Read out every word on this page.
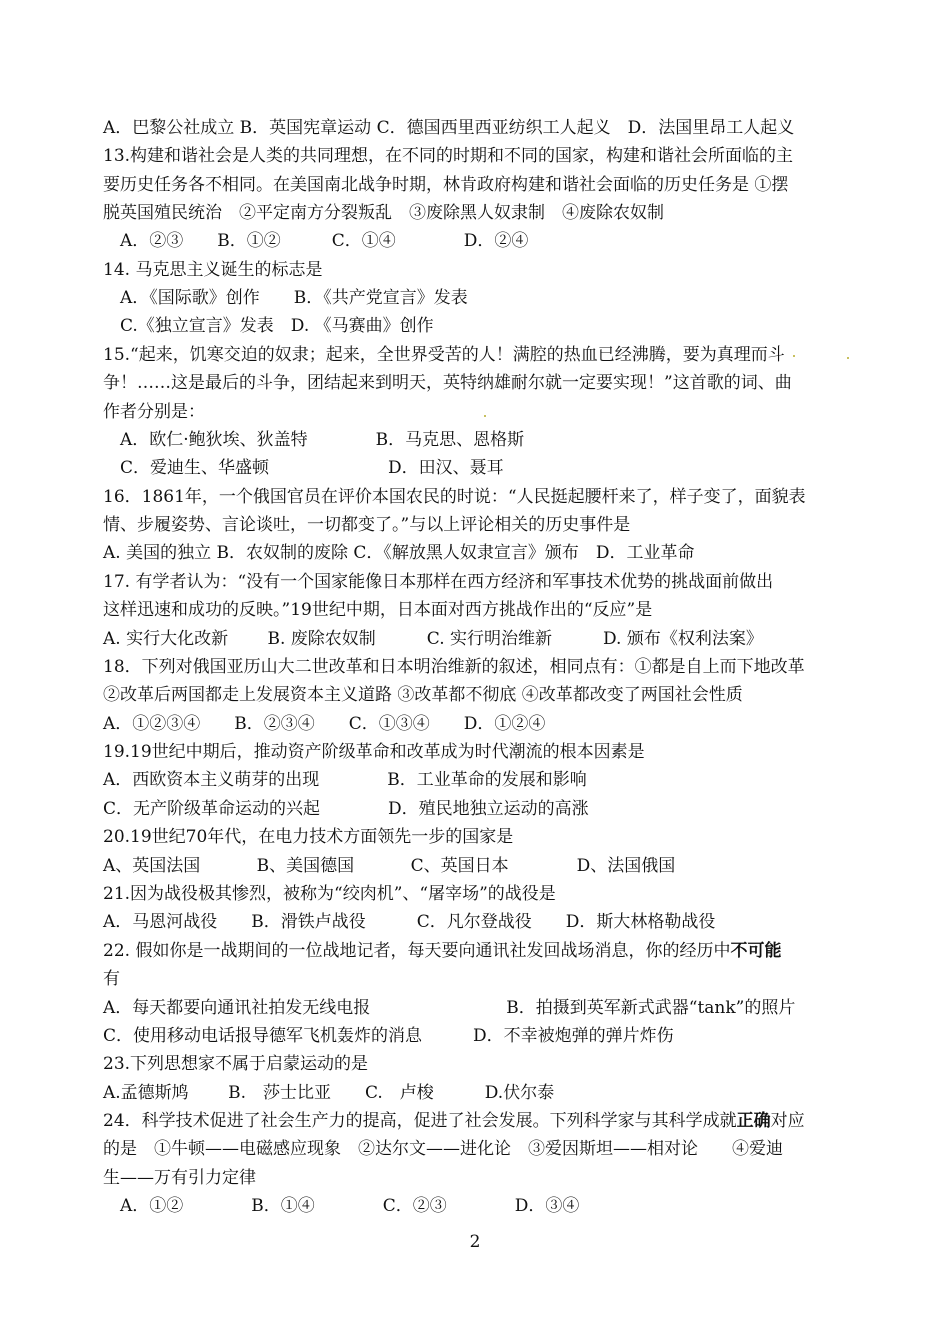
A．巴黎公社成立 B．英国宪章运动 C．德国西里西亚纺织工人起义　D．法国里昂工人起义
13.构建和谐社会是人类的共同理想，在不同的时期和不同的国家，构建和谐社会所面临的主
要历史任务各不相同。在美国南北战争时期，林肯政府构建和谐社会面临的历史任务是 ①摆
脱英国殖民统治　②平定南方分裂叛乱　③废除黑人奴隶制　④废除农奴制
　A．②③　　B．①②　　　C．①④　　　　D．②④
14. 马克思主义诞生的标志是
　A．《国际歌》创作　　B．《共产党宣言》发表
　C.《独立宣言》发表　D. 《马赛曲》创作
15.“起来，饥寒交迫的奴隶；起来，全世界受苦的人！满腔的热血已经沸腾，要为真理而斗
争！……这是最后的斗争，团结起来到明天，英特纳雄耐尔就一定要实现！”这首歌的词、曲
作者分别是：
　A．欧仁·鲍狄埃、狄盖特　　　　B．马克思、恩格斯
　C．爱迪生、华盛顿　　　　　　　D．田汉、聂耳
16．1861年，一个俄国官员在评价本国农民的时说：“人民挺起腰杆来了，样子变了，面貌表
情、步履姿势、言论谈吐，一切都变了。”与以上评论相关的历史事件是
A. 美国的独立 B．农奴制的废除 C．《解放黑人奴隶宣言》颁布　D．工业革命
17. 有学者认为：“没有一个国家能像日本那样在西方经济和军事技术优势的挑战面前做出
这样迅速和成功的反映。”19世纪中期，日本面对西方挑战作出的“反应”是
A. 实行大化改新　　 B. 废除农奴制　　　C. 实行明治维新　　　D. 颁布《权利法案》
18．下列对俄国亚历山大二世改革和日本明治维新的叙述，相同点有：①都是自上而下地改革
②改革后两国都走上发展资本主义道路 ③改革都不彻底 ④改革都改变了两国社会性质
A．①②③④　　B．②③④　　C．①③④　　D．①②④
19.19世纪中期后，推动资产阶级革命和改革成为时代潮流的根本因素是
A．西欧资本主义萌芽的出现　　　　B．工业革命的发展和影响
C．无产阶级革命运动的兴起　　　　D．殖民地独立运动的高涨
20.19世纪70年代，在电力技术方面领先一步的国家是
A、英国法国　　　 B、美国德国　　　 C、英国日本　　　　D、法国俄国
21.因为战役极其惨烈，被称为“绞肉机”、“屠宰场”的战役是
A．马恩河战役　　B．滑铁卢战役　　　C．凡尔登战役　　D．斯大林格勒战役
22. 假如你是一战期间的一位战地记者，每天要向通讯社发回战场消息，你的经历中不可能
有
A．每天都要向通讯社拍发无线电报　　　　　　　　B．拍摄到英军新式武器“tank”的照片
C．使用移动电话报导德军飞机轰炸的消息　　　D．不幸被炮弹的弹片炸伤
23.下列思想家不属于启蒙运动的是
A.孟德斯鸠　　 B.　莎士比亚　　C.　卢梭　　　D.伏尔泰
24．科学技术促进了社会生产力的提高，促进了社会发展。下列科学家与其科学成就正确对应
的是　①牛顿——电磁感应现象　②达尔文——进化论　③爱因斯坦——相对论　　④爱迪
生——万有引力定律
　A．①②　　　　B．①④　　　　C．②③　　　　D．③④
2
